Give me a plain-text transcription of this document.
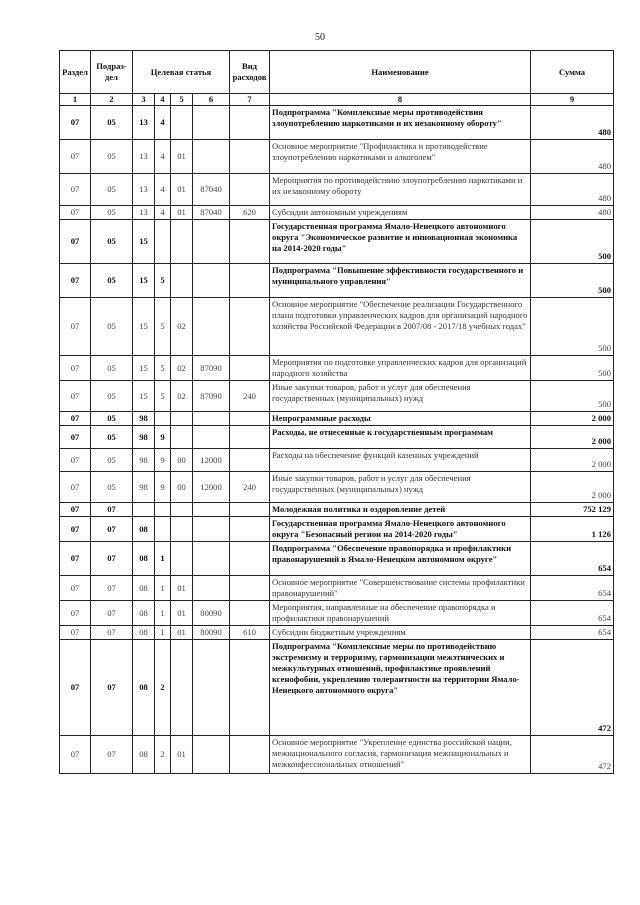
50
Раздел	Подраз-дел	Целевая статья				Вид расходов	Наименование	Сумма
1	2	3	4	5	6	7	8	9
07	05	13	4				Подпрограмма "Комплексные меры противодействия злоупотреблению наркотиками и их незаконному обороту"	480
07	05	13	4	01			Основное мероприятие "Профилактика и противодействие злоупотреблению наркотиками и алкоголем"	480
07	05	13	4	01	87040		Мероприятия по противодействию злоупотреблению наркотиками и их незаконному обороту	480
07	05	13	4	01	87040	620	Субсидии автономным учреждениям	480
07	05	15					Государственная программа Ямало-Ненецкого автономного округа "Экономическое развитие и инновационная экономика на 2014-2020 годы"	500
07	05	15	5				Подпрограмма "Повышение эффективности государственного и муниципального управления"	500
07	05	15	5	02			Основное мероприятие "Обеспечение реализации Государственного плана подготовки управленческих кадров для организаций народного хозяйства Российской Федерации в 2007/08 - 2017/18 учебных годах"	500
07	05	15	5	02	87090		Мероприятия по подготовке управленческих кадров для организаций народного хозяйства	500
07	05	15	5	02	87090	240	Иные закупки товаров, работ и услуг для обеспечения государственных (муниципальных) нужд	500
07	05	98					Непрограммные расходы	2 000
07	05	98	9				Расходы, не отнесенные к государственным программам	2 000
07	05	98	9	00	12000		Расходы на обеспечение функций казенных учреждений	2 000
07	05	98	9	00	12000	240	Иные закупки товаров, работ и услуг для обеспечения государственных (муниципальных) нужд	2 000
07	07						Молодежная политика и оздоровление детей	752 129
07	07	08					Государственная программа Ямало-Ненецкого автономного округа "Безопасный регион на 2014-2020 годы"	1 126
07	07	08	1				Подпрограмма "Обеспечение правопорядка и профилактики правонарушений в Ямало-Ненецком автономном округе"	654
07	07	08	1	01			Основное мероприятие "Совершенствование системы профилактики правонарушений"	654
07	07	08	1	01	80090		Мероприятия, направленные на обеспечение правопорядка и профилактики правонарушений	654
07	07	08	1	01	80090	610	Субсидии бюджетным учреждениям	654
07	07	08	2				Подпрограмма "Комплексные меры по противодействию экстремизму и терроризму, гармонизации межэтнических и межкультурных отношений, профилактике проявлений ксенофобии, укреплению толерантности на территории Ямало-Ненецкого автономного округа"	472
07	07	08	2	01			Основное мероприятие "Укрепление единства российской нации, межнационального согласия, гармонизация межнациональных и межконфессиональных отношений"	472
